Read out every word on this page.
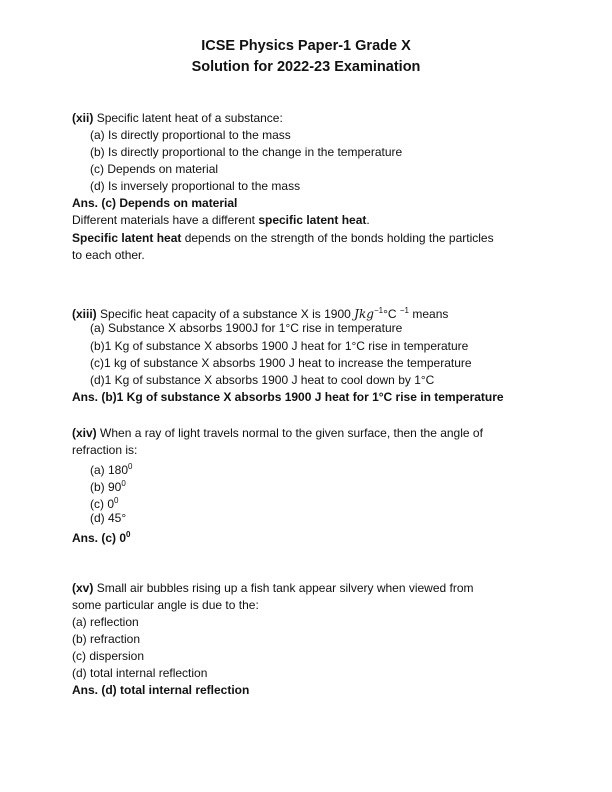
ICSE Physics Paper-1 Grade X
Solution for 2022-23 Examination
(xii) Specific latent heat of a substance:
(a) Is directly proportional to the mass
(b) Is directly proportional to the change in the temperature
(c) Depends on material
(d) Is inversely proportional to the mass
Ans. (c) Depends on material
Different materials have a different specific latent heat.
Specific latent heat depends on the strength of the bonds holding the particles
to each other.
(xiii) Specific heat capacity of a substance X is 1900 Jkg$^{-1}$°C $^{-1}$ means
(a) Substance X absorbs 1900J for 1°C rise in temperature
(b)1 Kg of substance X absorbs 1900 J heat for 1°C rise in temperature
(c)1 kg of substance X absorbs 1900 J heat to increase the temperature
(d)1 Kg of substance X absorbs 1900 J heat to cool down by 1°C
Ans. (b)1 Kg of substance X absorbs 1900 J heat for 1°C rise in temperature
(xiv) When a ray of light travels normal to the given surface, then the angle of
refraction is:
(a) $180^0$
(b) $90^0$
(c) $0^0$
(d) 45°
Ans. (c) $0^0$
(xv) Small air bubbles rising up a fish tank appear silvery when viewed from
some particular angle is due to the:
(a) reflection
(b) refraction
(c) dispersion
(d) total internal reflection
Ans. (d) total internal reflection
